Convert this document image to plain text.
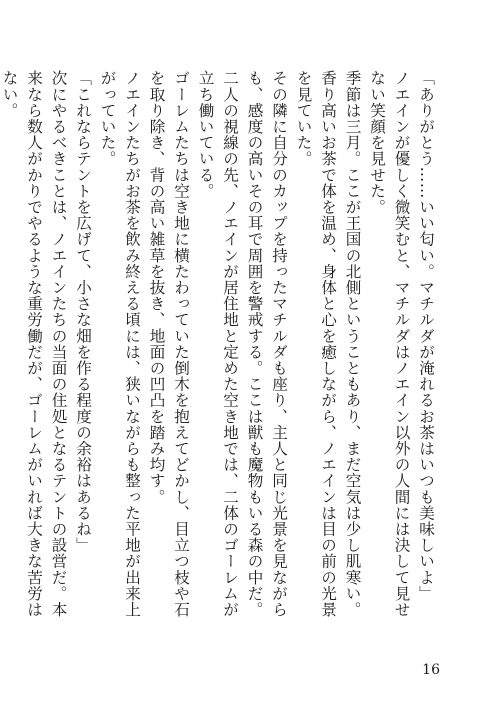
「ありがとう……いい匂い。マチルダが淹れるお茶はいつも美味しいよ」

ノエインが優しく微笑むと、マチルダはノエイン以外の人間には決して見せない笑顔を見せた。

季節は三月。ここが王国の北側ということもあり、まだ空気は少し肌寒い。

香り高いお茶で体を温め、身体と心を癒しながら、ノエインは目の前の光景を見ていた。

その隣に自分のカップを持ったマチルダも座り、主人と同じ光景を見ながらも、感度の高いその耳で周囲を警戒する。ここは獣も魔物もいる森の中だ。

二人の視線の先、ノエインが居住地と定めた空き地では、二体のゴーレムが立ち働いている。

ゴーレムたちは空き地に横たわっていた倒木を抱えてどかし、目立つ枝や石を取り除き、背の高い雑草を抜き、地面の凹凸を踏み均す。

ノエインたちがお茶を飲み終える頃には、狭いながらも整った平地が出来上がっていた。

「これならテントを広げて、小さな畑を作る程度の余裕はあるね」

次にやるべきことは、ノエインたちの当面の住処となるテントの設営だ。本来なら数人がかりでやるような重労働だが、ゴーレムがいれば大きな苦労はない。

16
